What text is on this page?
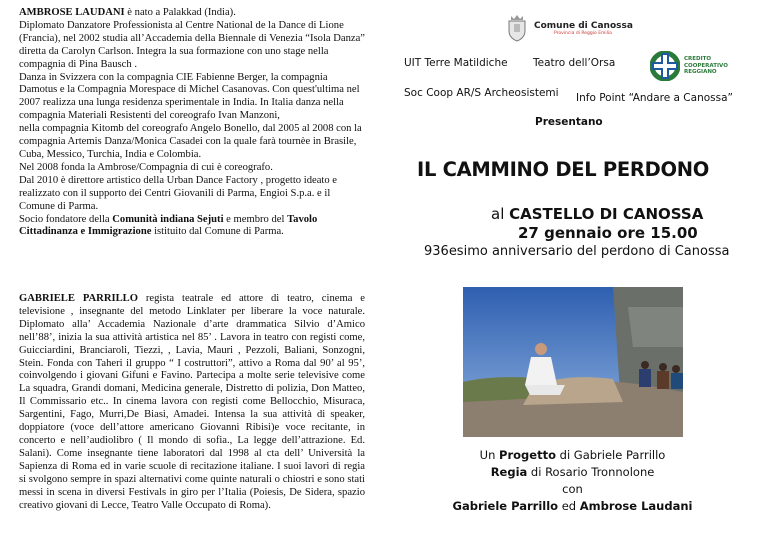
AMBROSE LAUDANI è nato a Palakkad (India).

Diplomato Danzatore Professionista al Centre National de la Dance di Lione (Francia), nel 2002 studia all’Accademia della Biennale di Venezia “Isola Danza” diretta da Carolyn Carlson. Integra la sua formazione con uno stage nella compagnia di Pina Bausch .

Danza in Svizzera con la compagnia CIE Fabienne Berger, la compagnia Damotus e la Compagnia Morespace di Michel Casanovas. Con quest'ultima nel 2007 realizza una lunga residenza sperimentale in India. In Italia danza nella compagnia Materiali Resistenti del coreografo Ivan Manzoni,

nella compagnia Kitomb del coreografo Angelo Bonello, dal 2005 al 2008 con la compagnia Artemis Danza/Monica Casadei con la quale farà tournèe in Brasile, Cuba, Messico, Turchia, India e Colombia.

Nel 2008 fonda la Ambrose/Compagnia di cui è coreografo.

Dal 2010 è direttore artistico della Urban Dance Factory , progetto ideato e realizzato con il supporto dei Centri Giovanili di Parma, Engioi S.p.a. e il Comune di Parma.

Socio fondatore della Comunità indiana Sejuti e membro del Tavolo Cittadinanza e Immigrazione istituito dal Comune di Parma.

GABRIELE PARRILLO regista teatrale ed attore di teatro, cinema e televisione , insegnante del metodo Linklater per liberare la voce naturale. Diplomato alla’ Accademia Nazionale d’arte drammatica Silvio d’Amico nell’88’, inizia la sua attività artistica nel 85’ . Lavora in teatro con registi come, Guicciardini, Branciaroli, Tiezzi, , Lavia, Mauri , Pezzoli, Baliani, Sonzogni, Stein. Fonda con Taheri il gruppo “ I costruttori”, attivo a Roma dal 90’ al 95’, coinvolgendo i giovani Gifuni e Favino. Partecipa a molte serie televisive come La squadra, Grandi domani, Medicina generale, Distretto di polizia, Don Matteo, Il Commissario etc.. In cinema lavora con registi come Bellocchio, Misuraca, Sargentini, Fago, Murri,De Biasi, Amadei. Intensa la sua attività di speaker, doppiatore (voce dell’attore americano Giovanni Ribisi)e voce recitante, in concerto e nell’audiolibro ( Il mondo di sofia., La legge dell’attrazione. Ed. Salani). Come insegnante tiene laboratori dal 1998 al cta dell’ Università la Sapienza di Roma ed in varie scuole di recitazione italiane. I suoi lavori di regia si svolgono sempre in spazi alternativi come quinte naturali o chiostri e sono stati messi in scena in diversi Festivals in giro per l’Italia (Poiesis, De Sidera, spazio creativo giovani di Lecce, Teatro Valle Occupato di Roma).

Comune di Canossa
Provincia di Reggio Emilia
UIT Terre Matildiche Teatro dell’Orsa
Soc Coop AR/S Archeosistemi Info Point “Andare a Canossa”
CREDITO
COOPERATIVO
REGGIANO
Presentano
IL CAMMINO DEL PERDONO
al CASTELLO DI CANOSSA
27 gennaio ore 15.00
936esimo anniversario del perdono di Canossa
Un Progetto di Gabriele Parrillo
Regia di Rosario Tronnolone
con
Gabriele Parrillo ed Ambrose Laudani
